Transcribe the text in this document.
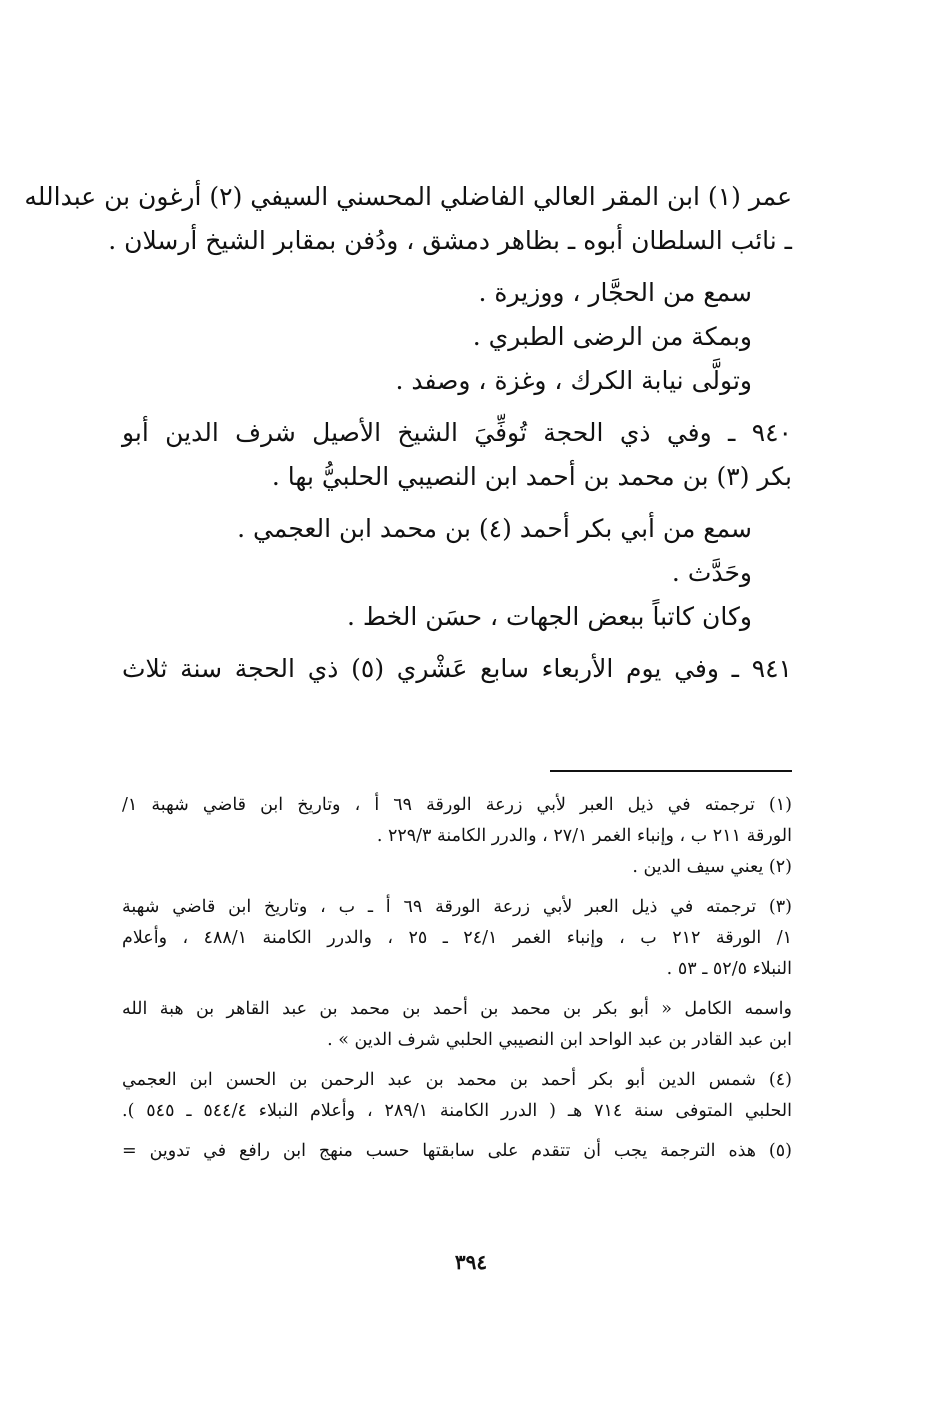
عمر (١) ابن المقر العالي الفاضلي المحسني السيفي (٢) أرغون بن عبدالله
ـ نائب السلطان أبوه ـ بظاهر دمشق ، ودُفن بمقابر الشيخ أرسلان .
سمع من الحجَّار ، ووزيرة .
وبمكة من الرضى الطبري .
وتولَّى نيابة الكرك ، وغزة ، وصفد .
٩٤٠ ـ وفي ذي الحجة تُوفِّيَ الشيخ الأصيل شرف الدين أبو
بكر (٣) بن محمد بن أحمد ابن النصيبي الحلبيُّ بها .
سمع من أبي بكر أحمد (٤) بن محمد ابن العجمي .
وحَدَّث .
وكان كاتباً ببعض الجهات ، حسَن الخط .
٩٤١ ـ وفي يوم الأربعاء سابع عَشْري (٥) ذي الحجة سنة ثلاث
(١) ترجمته في ذيل العبر لأبي زرعة الورقة ٦٩ أ ، وتاريخ ابن قاضي شهبة ١/
الورقة ٢١١ ب ، وإنباء الغمر ٢٧/١ ، والدرر الكامنة ٢٢٩/٣ .
(٢) يعني سيف الدين .
(٣) ترجمته في ذيل العبر لأبي زرعة الورقة ٦٩ أ ـ ب ، وتاريخ ابن قاضي شهبة
١/ الورقة ٢١٢ ب ، وإنباء الغمر ٢٤/١ ـ ٢٥ ، والدرر الكامنة ٤٨٨/١ ، وأعلام
النبلاء ٥٢/٥ ـ ٥٣ .
واسمه الكامل « أبو بكر بن محمد بن أحمد بن محمد بن عبد القاهر بن هبة الله
ابن عبد القادر بن عبد الواحد ابن النصيبي الحلبي شرف الدين » .
(٤) شمس الدين أبو بكر أحمد بن محمد بن عبد الرحمن بن الحسن ابن العجمي
الحلبي المتوفى سنة ٧١٤ هـ ( الدرر الكامنة ٢٨٩/١ ، وأعلام النبلاء ٥٤٤/٤ ـ ٥٤٥ ).
(٥) هذه الترجمة يجب أن تتقدم على سابقتها حسب منهج ابن رافع في تدوين =
٣٩٤
